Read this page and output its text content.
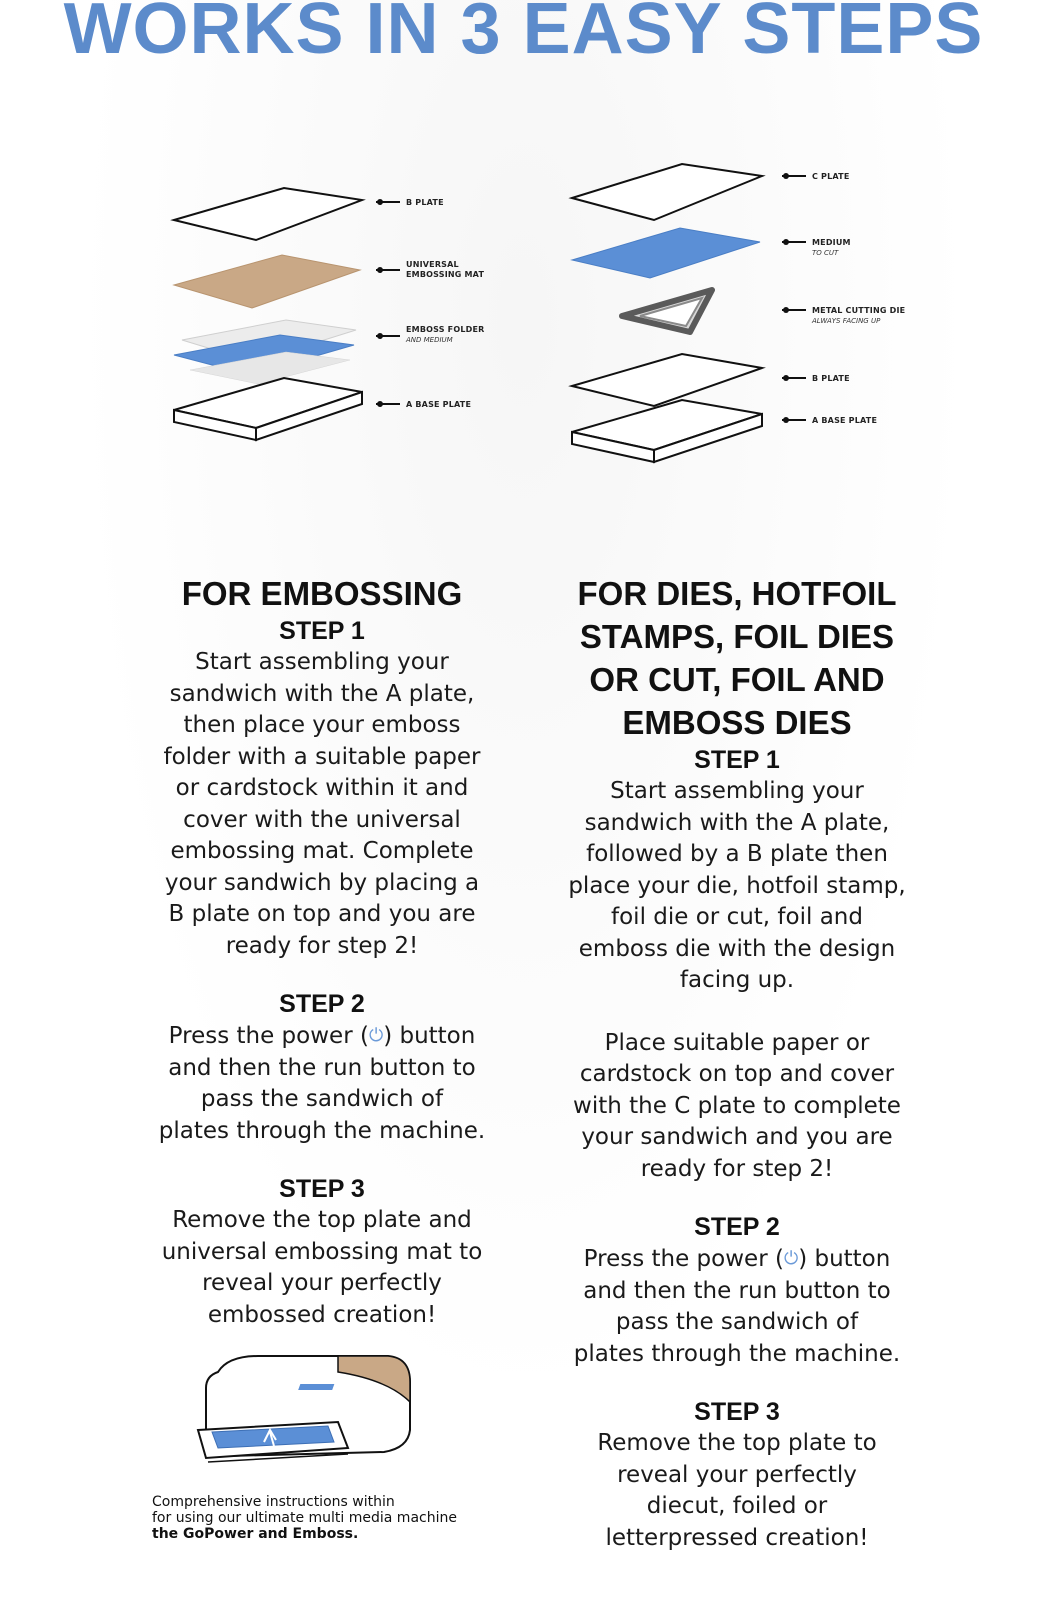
WORKS IN 3 EASY STEPS
B PLATE
UNIVERSAL
EMBOSSING MAT
EMBOSS FOLDER
AND MEDIUM
A BASE PLATE
C PLATE
MEDIUM
TO CUT
METAL CUTTING DIE
ALWAYS FACING UP
B PLATE
A BASE PLATE
FOR EMBOSSING
STEP 1
Start assembling your
sandwich with the A plate,
then place your emboss
folder with a suitable paper
or cardstock within it and
cover with the universal
embossing mat. Complete
your sandwich by placing a
B plate on top and you are
ready for step 2!
STEP 2
Press the power (⏻) button
and then the run button to
pass the sandwich of
plates through the machine.
STEP 3
Remove the top plate and
universal embossing mat to
reveal your perfectly
embossed creation!
Comprehensive instructions within
for using our ultimate multi media machine
the GoPower and Emboss.
FOR DIES, HOTFOIL
STAMPS, FOIL DIES
OR CUT, FOIL AND
EMBOSS DIES
STEP 1
Start assembling your
sandwich with the A plate,
followed by a B plate then
place your die, hotfoil stamp,
foil die or cut, foil and
emboss die with the design
facing up.
Place suitable paper or
cardstock on top and cover
with the C plate to complete
your sandwich and you are
ready for step 2!
STEP 2
Press the power (⏻) button
and then the run button to
pass the sandwich of
plates through the machine.
STEP 3
Remove the top plate to
reveal your perfectly
diecut, foiled or
letterpressed creation!
